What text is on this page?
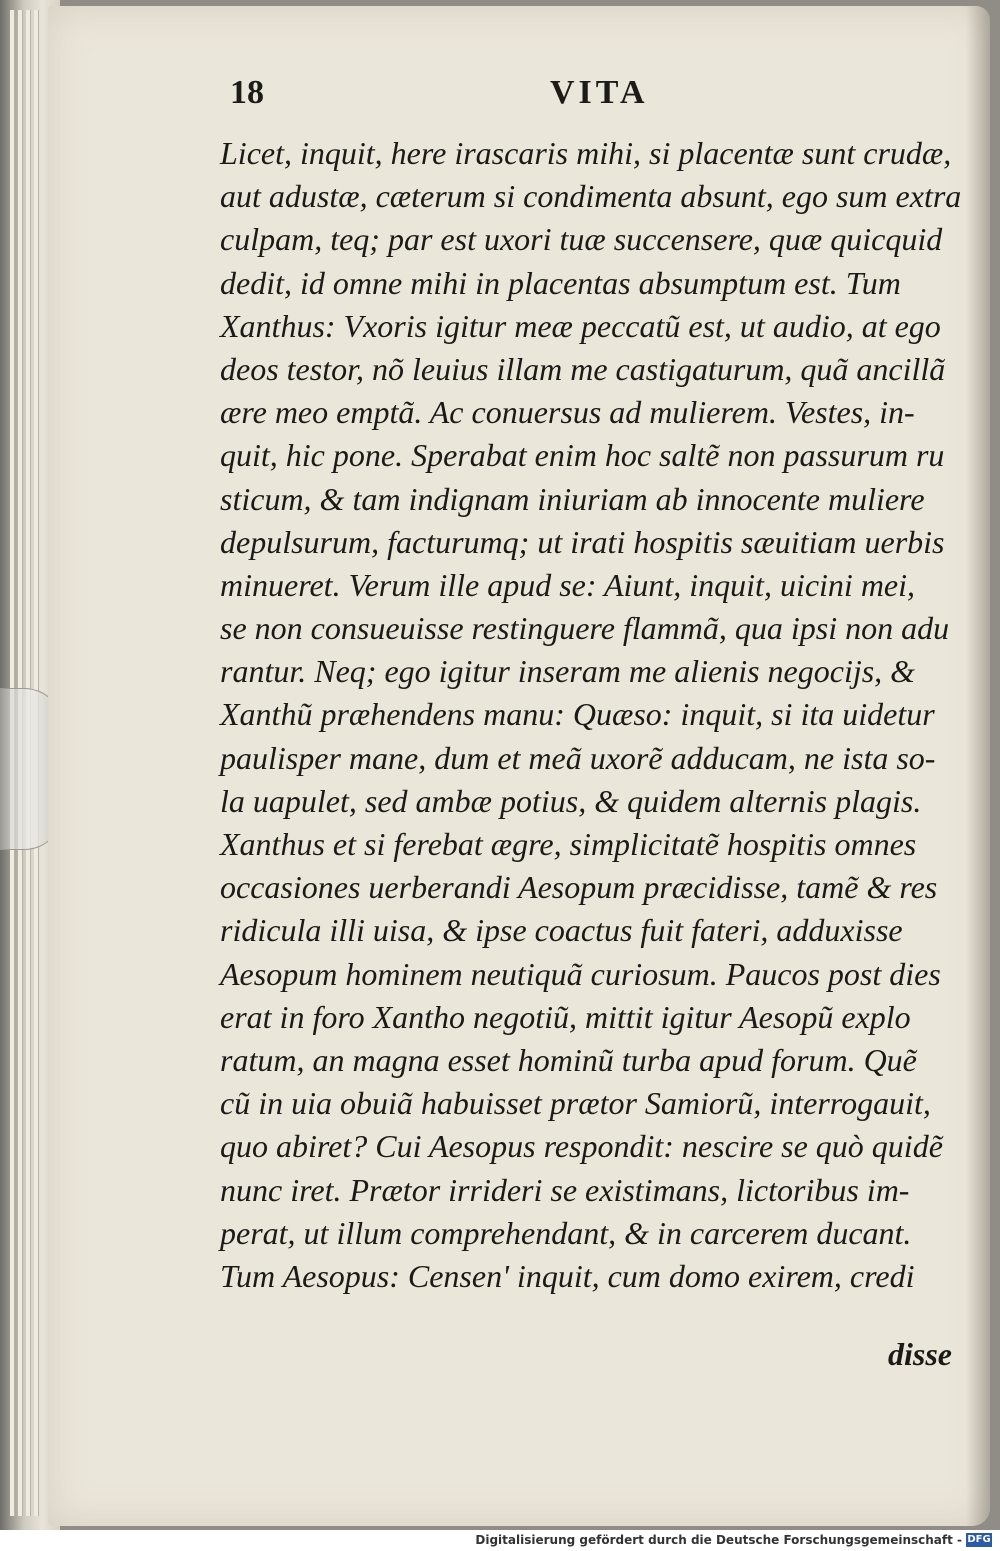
18	VITA
Licet, inquit, here irascaris mihi, si placentæ sunt crudæ,
aut adustæ, cæterum si condimenta absunt, ego sum extra
culpam, teq; par est uxori tuæ succensere, quæ quicquid
dedit, id omne mihi in placentas absumptum est. Tum
Xanthus: Vxoris igitur meæ peccatũ est, ut audio, at ego
deos testor, nõ leuius illam me castigaturum, quã ancillã
ære meo emptã. Ac conuersus ad mulierem. Vestes, in-
quit, hic pone. Sperabat enim hoc saltẽ non passurum ru
sticum, & tam indignam iniuriam ab innocente muliere
depulsurum, facturumq; ut irati hospitis sæuitiam uerbis
minueret. Verum ille apud se: Aiunt, inquit, uicini mei,
se non consueuisse restinguere flammã, qua ipsi non adu
rantur. Neq; ego igitur inseram me alienis negocijs, &
Xanthũ præhendens manu: Quæso: inquit, si ita uidetur
paulisper mane, dum et meã uxorẽ adducam, ne ista so-
la uapulet, sed ambæ potius, & quidem alternis plagis.
Xanthus et si ferebat ægre, simplicitatẽ hospitis omnes
occasiones uerberandi Aesopum præcidisse, tamẽ & res
ridicula illi uisa, & ipse coactus fuit fateri, adduxisse
Aesopum hominem neutiquã curiosum. Paucos post dies
erat in foro Xantho negotiũ, mittit igitur Aesopũ explo
ratum, an magna esset hominũ turba apud forum. Quẽ
cũ in uia obuiã habuisset prætor Samiorũ, interrogauit,
quo abiret? Cui Aesopus respondit: nescire se quò quidẽ
nunc iret. Prætor irrideri se existimans, lictoribus im-
perat, ut illum comprehendant, & in carcerem ducant.
Tum Aesopus: Censen' inquit, cum domo exirem, credi
disse
Digitalisierung gefördert durch die Deutsche Forschungsgemeinschaft - DFG
